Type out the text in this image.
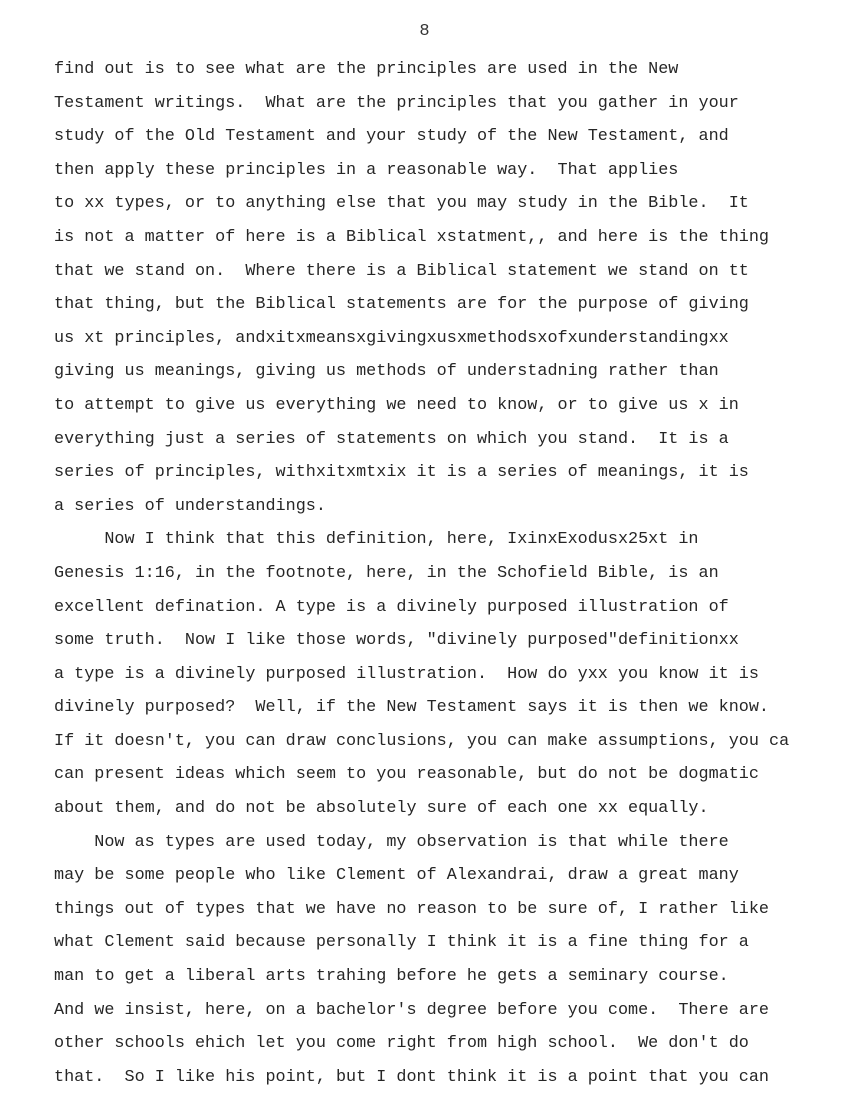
8
find out is to see what are the principles are used in the New
Testament writings.  What are the principles that you gather in your
study of the Old Testament and your study of the New Testament, and
then apply these principles in a reasonable way.  That applies
to xx types, or to anything else that you may study in the Bible.  It
is not a matter of here is a Biblical xstatment,, and here is the thing
that we stand on.  Where there is a Biblical statement we stand on tt
that thing, but the Biblical statements are for the purpose of giving
us xt principles, andxitxmeansxgivingxusxmethodsxofxunderstandingxx
giving us meanings, giving us methods of understadning rather than
to attempt to give us everything we need to know, or to give us x in
everything just a series of statements on which you stand.  It is a
series of principles, withxitxmtxix it is a series of meanings, it is
a series of understandings.
Now I think that this definition, here, IxinxExodusx25xt in
Genesis 1:16, in the footnote, here, in the Schofield Bible, is an
excellent defination. A type is a divinely purposed illustration of
some truth.  Now I like those words, "divinely purposed"definitionxx
a type is a divinely purposed illustration.  How do yxx you know it is
divinely purposed?  Well, if the New Testament says it is then we know.
If it doesn't, you can draw conclusions, you can make assumptions, you ca
can present ideas which seem to you reasonable, but do not be dogmatic
about them, and do not be absolutely sure of each one xx equally.
Now as types are used today, my observation is that while there
may be some people who like Clement of Alexandrai, draw a great many
things out of types that we have no reason to be sure of, I rather like
what Clement said because personally I think it is a fine thing for a
man to get a liberal arts trahing before he gets a seminary course.
And we insist, here, on a bachelor's degree before you come.  There are
other schools ehich let you come right from high school.  We don't do
that.  So I like his point, but I dont think it is a point that you can
